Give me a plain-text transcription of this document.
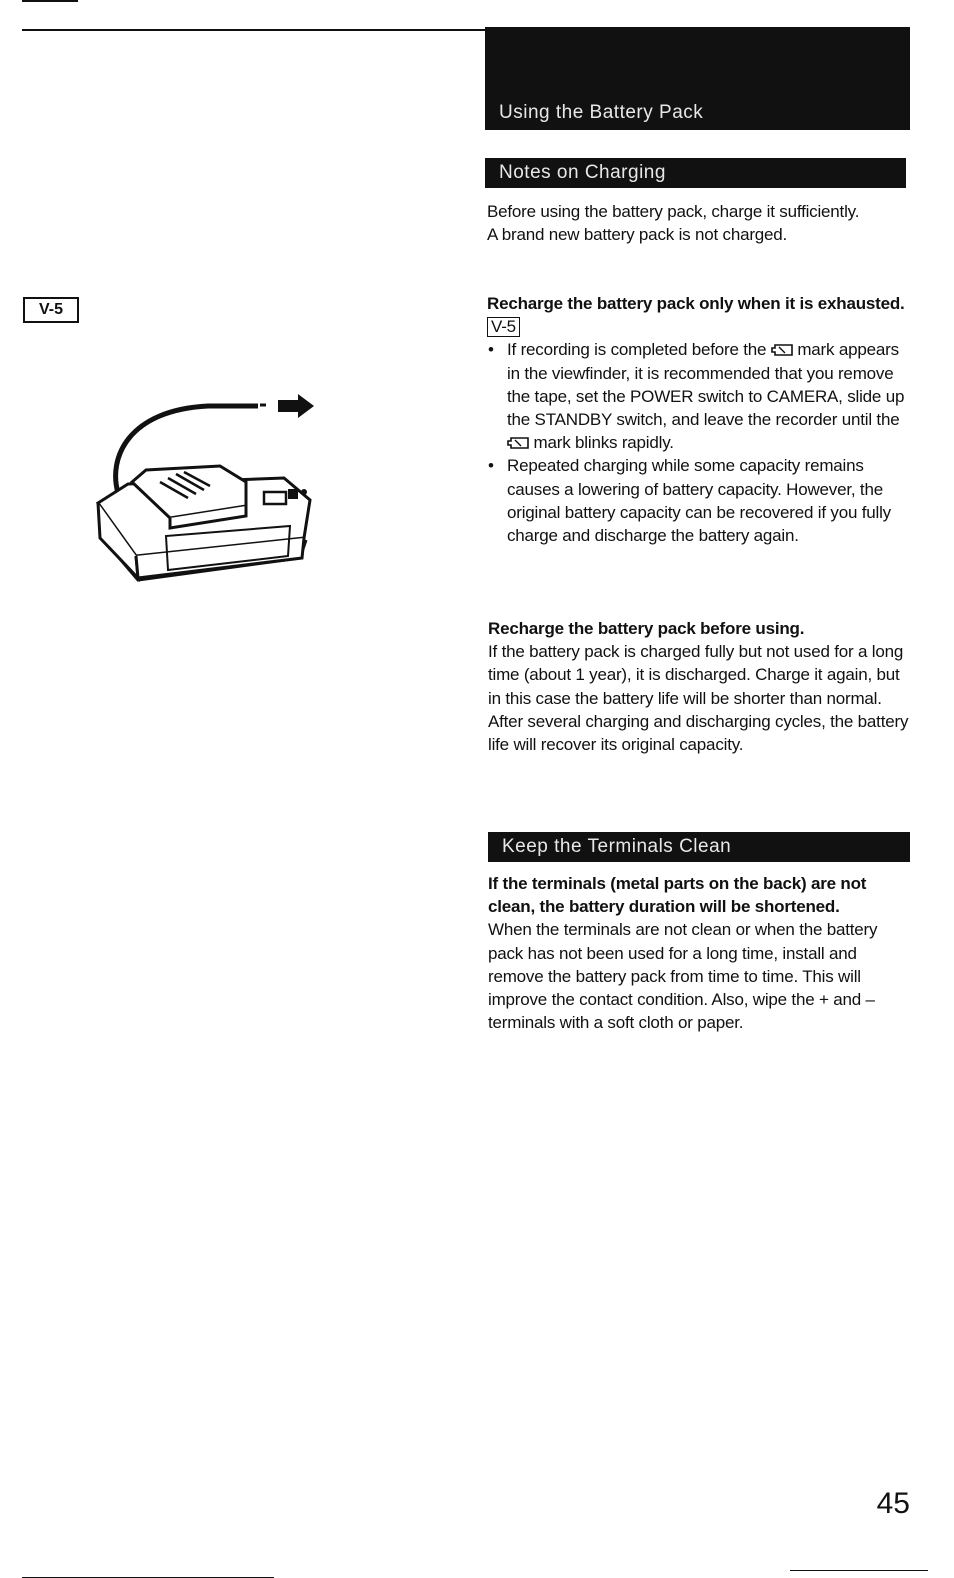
Using the Battery Pack
V-5
Notes on Charging
Before using the battery pack, charge it sufficiently. A brand new battery pack is not charged.
Recharge the battery pack only when it is exhausted. V-5
• If recording is completed before the mark appears in the viewfinder, it is recommended that you remove the tape, set the POWER switch to CAMERA, slide up the STANDBY switch, and leave the recorder until the  mark blinks rapidly.
• Repeated charging while some capacity remains causes a lowering of battery capacity. However, the original battery capacity can be recovered if you fully charge and discharge the battery again.
Recharge the battery pack before using.
If the battery pack is charged fully but not used for a long time (about 1 year), it is discharged. Charge it again, but in this case the battery life will be shorter than normal. After several charging and discharging cycles, the battery life will recover its original capacity.
Keep the Terminals Clean
If the terminals (metal parts on the back) are not clean, the battery duration will be shortened.
When the terminals are not clean or when the battery pack has not been used for a long time, install and remove the battery pack from time to time. This will improve the contact condition. Also, wipe the + and – terminals with a soft cloth or paper.
45
